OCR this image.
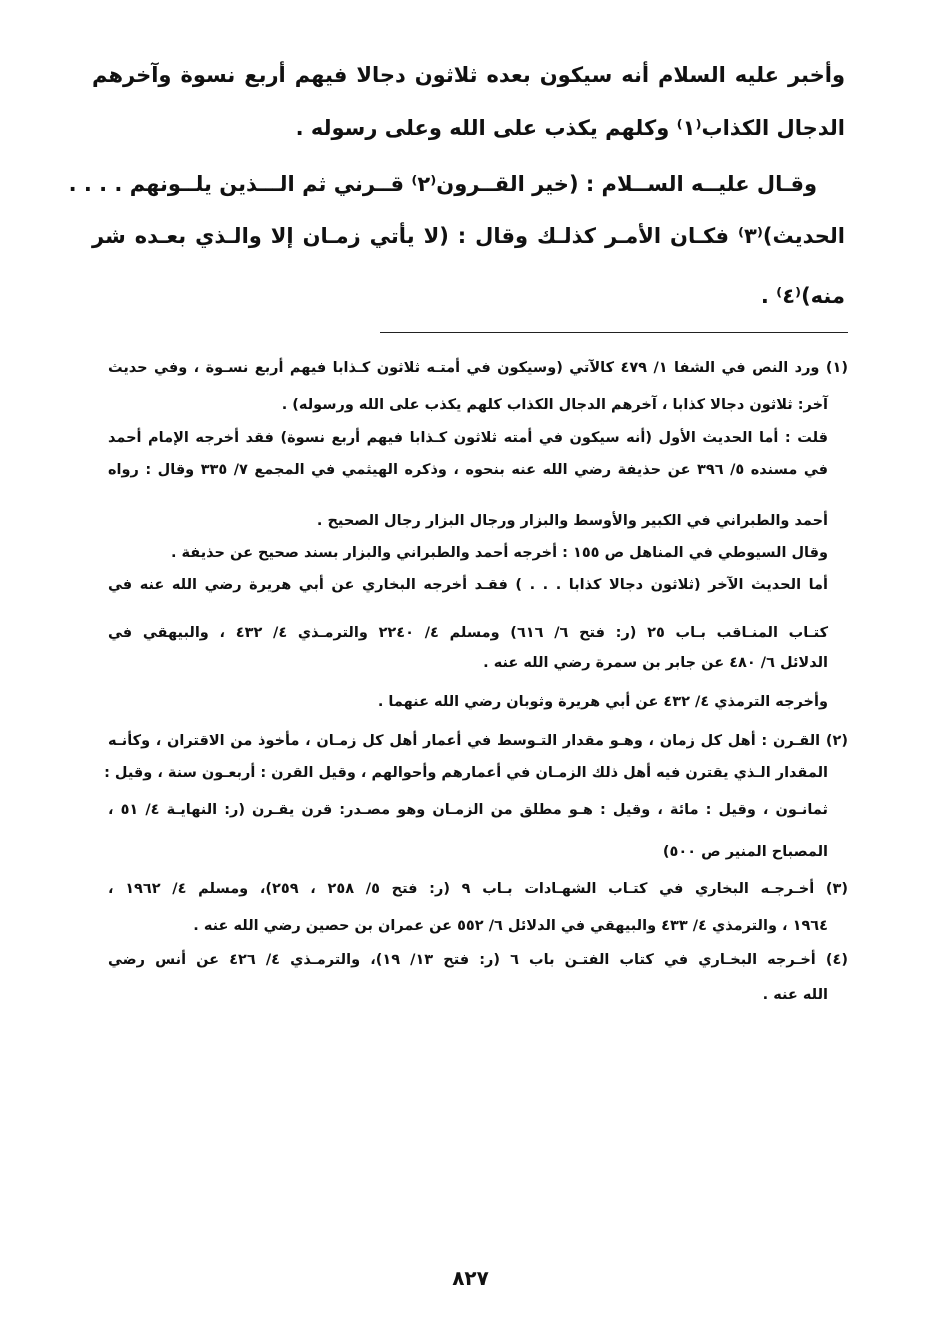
وأخبر عليه السلام أنه سيكون بعده ثلاثون دجالا فيهم أربع نسوة وآخرهم
الدجال الكذاب⁽١⁾ وكلهم يكذب على الله وعلى رسوله .
وقـال عليــه الســلام : (خير القــرون⁽٢⁾ قــرني ثم الـــذين يلــونهم . . . .
الحديث)⁽٣⁾ فكـان الأمـر كذلـك وقال : (لا يأتي زمـان إلا والـذي بعـده شر
منه)⁽٤⁾ .
(١) ورد النص في الشفا ١/ ٤٧٩ كالآتي (وسيكون في أمتـه ثلاثون كـذابا فيهم أربع نسـوة ، وفي حديث
آخر: ثلاثون دجالا كذابا ، آخرهم الدجال الكذاب كلهم يكذب على الله ورسوله) .
قلت : أما الحديث الأول (أنه سيكون في أمته ثلاثون كـذابا فيهم أربع نسوة) فقد أخرجه الإمام أحمد
في مسنده ٥/ ٣٩٦ عن حذيفة رضي الله عنه بنحوه ، وذكره الهيثمي في المجمع ٧/ ٣٣٥ وقال : رواه
أحمد والطبراني في الكبير والأوسط والبزار ورجال البزار رجال الصحيح .
وقال السيوطي في المناهل ص ١٥٥ : أخرجه أحمد والطبراني والبزار بسند صحيح عن حذيفة .
أما الحديث الآخر (ثلاثون دجالا كذابا . . . ) فقـد أخرجه البخاري عن أبي هريرة رضي الله عنه في
كتـاب المنـاقب بـاب ٢٥ (ر: فتح ٦/ ٦١٦) ومسلم ٤/ ٢٢٤٠ والترمـذي ٤/ ٤٣٢ ، والبيهقي في
الدلائل ٦/ ٤٨٠ عن جابر بن سمرة رضي الله عنه .
وأخرجه الترمذي ٤/ ٤٣٢ عن أبي هريرة وثوبان رضي الله عنهما .
(٢) القـرن : أهل كل زمان ، وهـو مقدار التـوسط في أعمار أهل كل زمـان ، مأخوذ من الاقتران ، وكأنـه
المقدار الـذي يقترن فيه أهل ذلك الزمـان في أعمارهم وأحوالهم ، وقيل القرن : أربعـون سنة ، وقيل :
ثمانـون ، وقيل : مائة ، وقيل : هـو مطلق من الزمـان وهو مصـدر: قرن يقـرن (ر: النهايـة ٤/ ٥١ ،
المصباح المنير ص ٥٠٠)
(٣) أخـرجـه البخاري في كتـاب الشهـادات بـاب ٩ (ر: فتح ٥/ ٢٥٨ ، ٢٥٩)، ومسلم ٤/ ١٩٦٢ ،
١٩٦٤ ، والترمذي ٤/ ٤٣٣ والبيهقي في الدلائل ٦/ ٥٥٢ عن عمران بن حصين رضي الله عنه .
(٤) أخـرجه البخـاري في كتاب الفتـن باب ٦ (ر: فتح ١٣/ ١٩)، والترمـذي ٤/ ٤٢٦ عن أنس رضي
الله عنه .
٨٢٧
